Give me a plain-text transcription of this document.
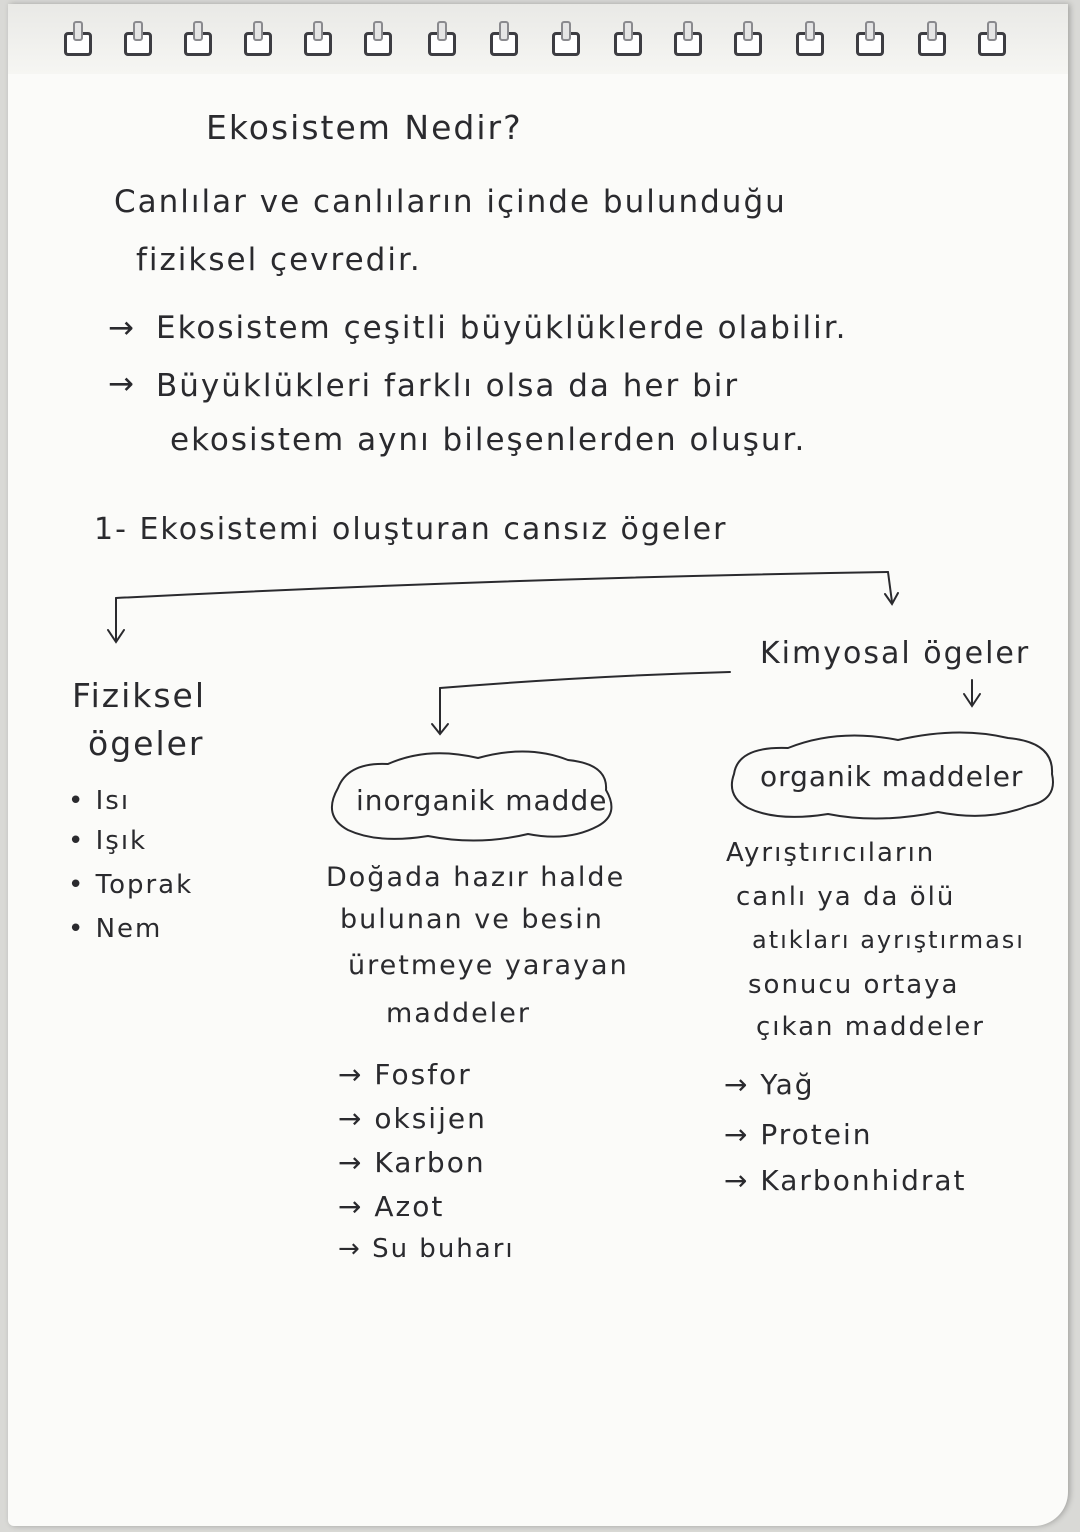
Ekosistem Nedir?
Canlılar ve canlıların içinde bulunduğu
fiziksel çevredir.
→ Ekosistem çeşitli büyüklüklerde olabilir.
→ Büyüklükleri farklı olsa da her bir
ekosistem aynı bileşenlerden oluşur.
1- Ekosistemi oluşturan cansız ögeler
Fiziksel
ögeler
• Isı
• Işık
• Toprak
• Nem
Kimyosal ögeler
inorganik madde
Doğada hazır halde
bulunan ve besin
üretmeye yarayan
maddeler
→ Fosfor
→ oksijen
→ Karbon
→ Azot
→ Su buharı
organik maddeler
Ayrıştırıcıların
canlı ya da ölü
atıkları ayrıştırması
sonucu ortaya
çıkan maddeler
→ Yağ
→ Protein
→ Karbonhidrat
